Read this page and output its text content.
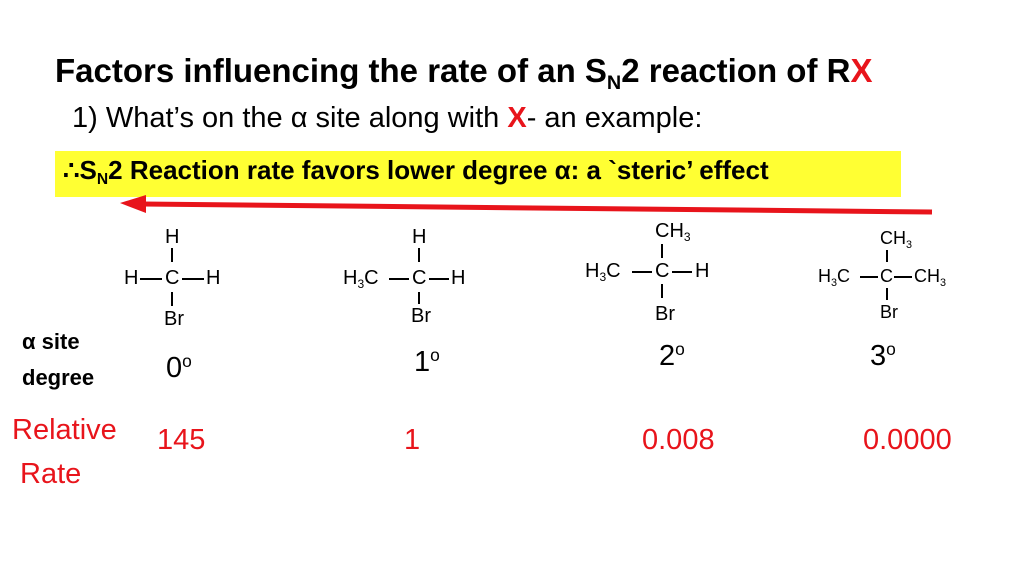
Factors influencing the rate of an $S_N2$ reaction of RX
1) What’s on the α site along with X- an example:
$\therefore S_N2$ Reaction rate favors lower degree α: a `steric’ effect
H
H C H
Br
H
$H_3C$ C H
Br
$CH_3$
$H_3C$ C H
Br
$CH_3$
$H_3C$ C $CH_3$
Br
α site
degree 0$^o$	1$^o$	2$^o$	3$^o$
Relative
Rate
145	1	0.008	0.0000
